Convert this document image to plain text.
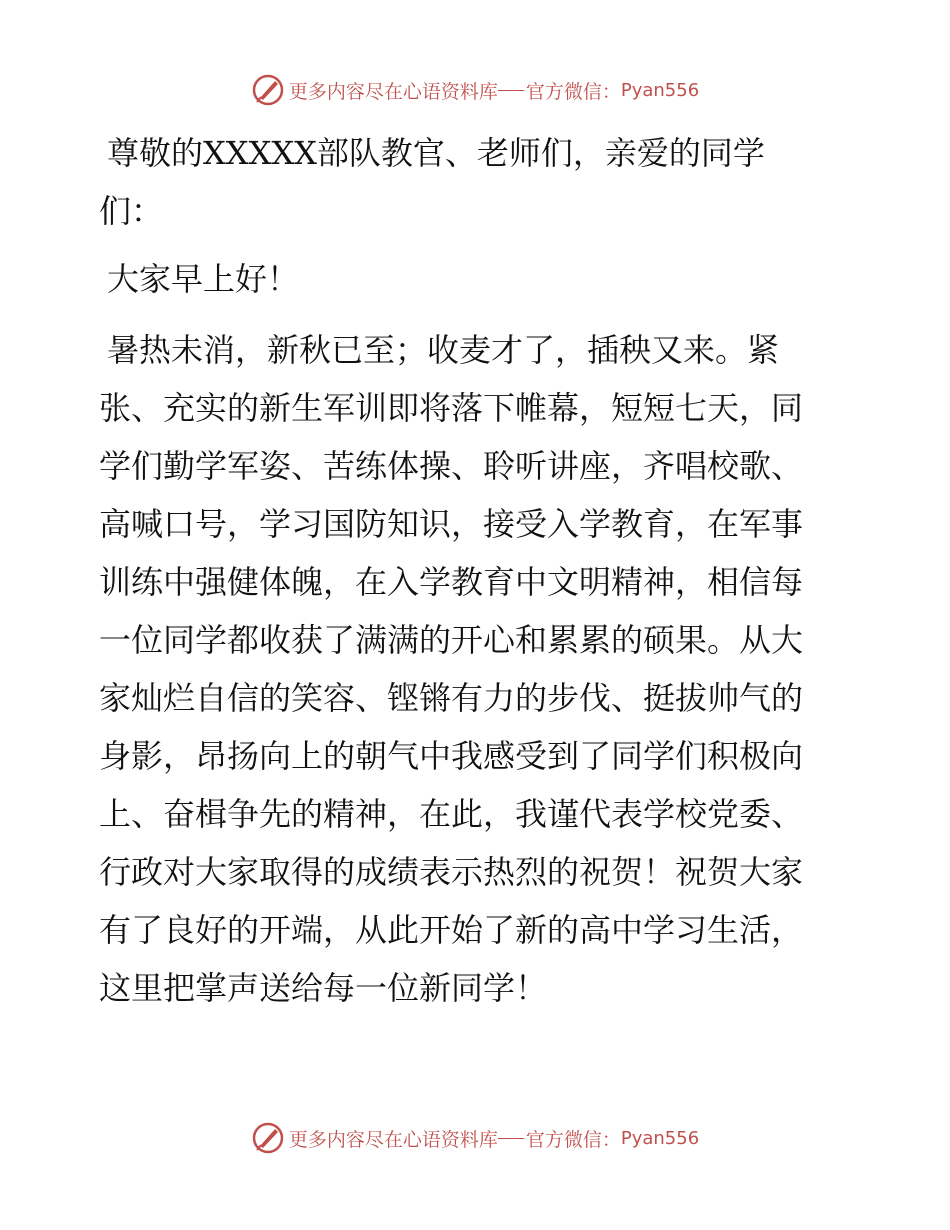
更多内容尽在心语资料库 官方微信： Pyan556

尊敬的XXXXX部队教官、老师们，亲爱的同学
们：

大家早上好！

暑热未消，新秋已至；收麦才了，插秧又来。紧
张、充实的新生军训即将落下帷幕，短短七天，同
学们勤学军姿、苦练体操、聆听讲座，齐唱校歌、
高喊口号，学习国防知识，接受入学教育，在军事
训练中强健体魄，在入学教育中文明精神，相信每
一位同学都收获了满满的开心和累累的硕果。从大
家灿烂自信的笑容、铿锵有力的步伐、挺拔帅气的
身影，昂扬向上的朝气中我感受到了同学们积极向
上、奋楫争先的精神，在此，我谨代表学校党委、
行政对大家取得的成绩表示热烈的祝贺！祝贺大家
有了良好的开端，从此开始了新的高中学习生活，
这里把掌声送给每一位新同学！

更多内容尽在心语资料库 官方微信： Pyan556
